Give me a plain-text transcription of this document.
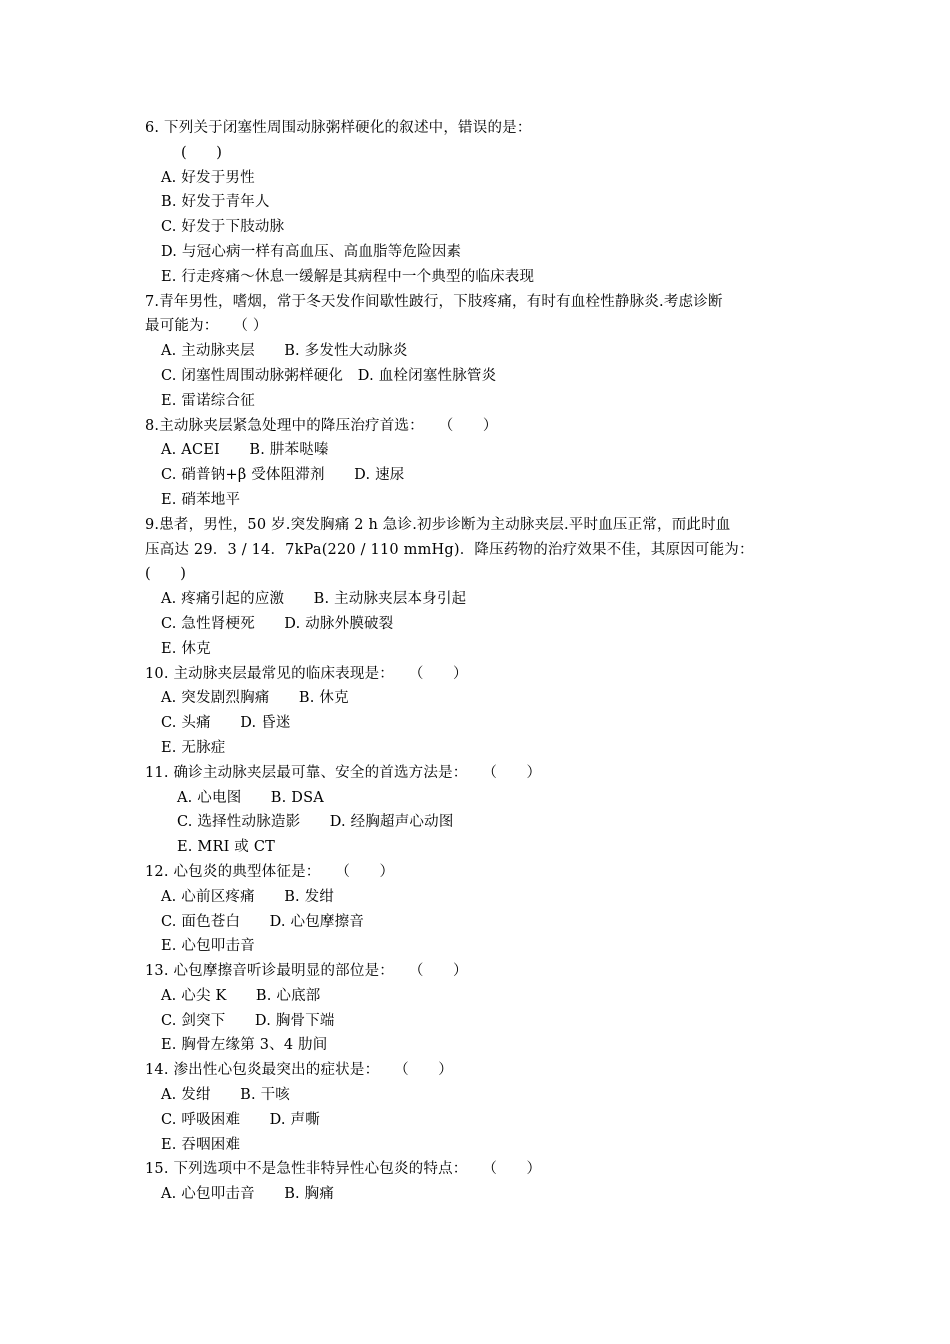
6. 下列关于闭塞性周围动脉粥样硬化的叙述中，错误的是：
(　　)
A. 好发于男性
B. 好发于青年人
C. 好发于下肢动脉
D. 与冠心病一样有高血压、高血脂等危险因素
E. 行走疼痛～休息一缓解是其病程中一个典型的临床表现
7.青年男性，嗜烟，常于冬天发作间歇性跛行，下肢疼痛，有时有血栓性静脉炎.考虑诊断
最可能为：　　（ ）
A. 主动脉夹层　　B. 多发性大动脉炎
C. 闭塞性周围动脉粥样硬化　D. 血栓闭塞性脉管炎
E. 雷诺综合征
8.主动脉夹层紧急处理中的降压治疗首选：　　（　　）
A. ACEI　　B. 肼苯哒嗪
C. 硝普钠+β 受体阻滞剂　　D. 速尿
E. 硝苯地平
9.患者，男性，50 岁.突发胸痛 2 h 急诊.初步诊断为主动脉夹层.平时血压正常，而此时血
压高达 29．3 / 14．7kPa(220 / 110 mmHg)．降压药物的治疗效果不佳，其原因可能为：
(　　)
A. 疼痛引起的应激　　B. 主动脉夹层本身引起
C. 急性肾梗死　　D. 动脉外膜破裂
E. 休克
10. 主动脉夹层最常见的临床表现是：　　（　　）
A. 突发剧烈胸痛　　B. 休克
C. 头痛　　D. 昏迷
E. 无脉症
11. 确诊主动脉夹层最可靠、安全的首选方法是：　　（　　）
A. 心电图　　B. DSA
C. 选择性动脉造影　　D. 经胸超声心动图
E. MRI 或 CT
12. 心包炎的典型体征是：　　（　　）
A. 心前区疼痛　　B. 发绀
C. 面色苍白　　D. 心包摩擦音
E. 心包叩击音
13. 心包摩擦音听诊最明显的部位是：　　（　　）
A. 心尖 K　　B. 心底部
C. 剑突下　　D. 胸骨下端
E. 胸骨左缘第 3、4 肋间
14. 渗出性心包炎最突出的症状是：　　（　　）
A. 发绀　　B. 干咳
C. 呼吸困难　　D. 声嘶
E. 吞咽困难
15. 下列选项中不是急性非特异性心包炎的特点：　　（　　）
A. 心包叩击音　　B. 胸痛
